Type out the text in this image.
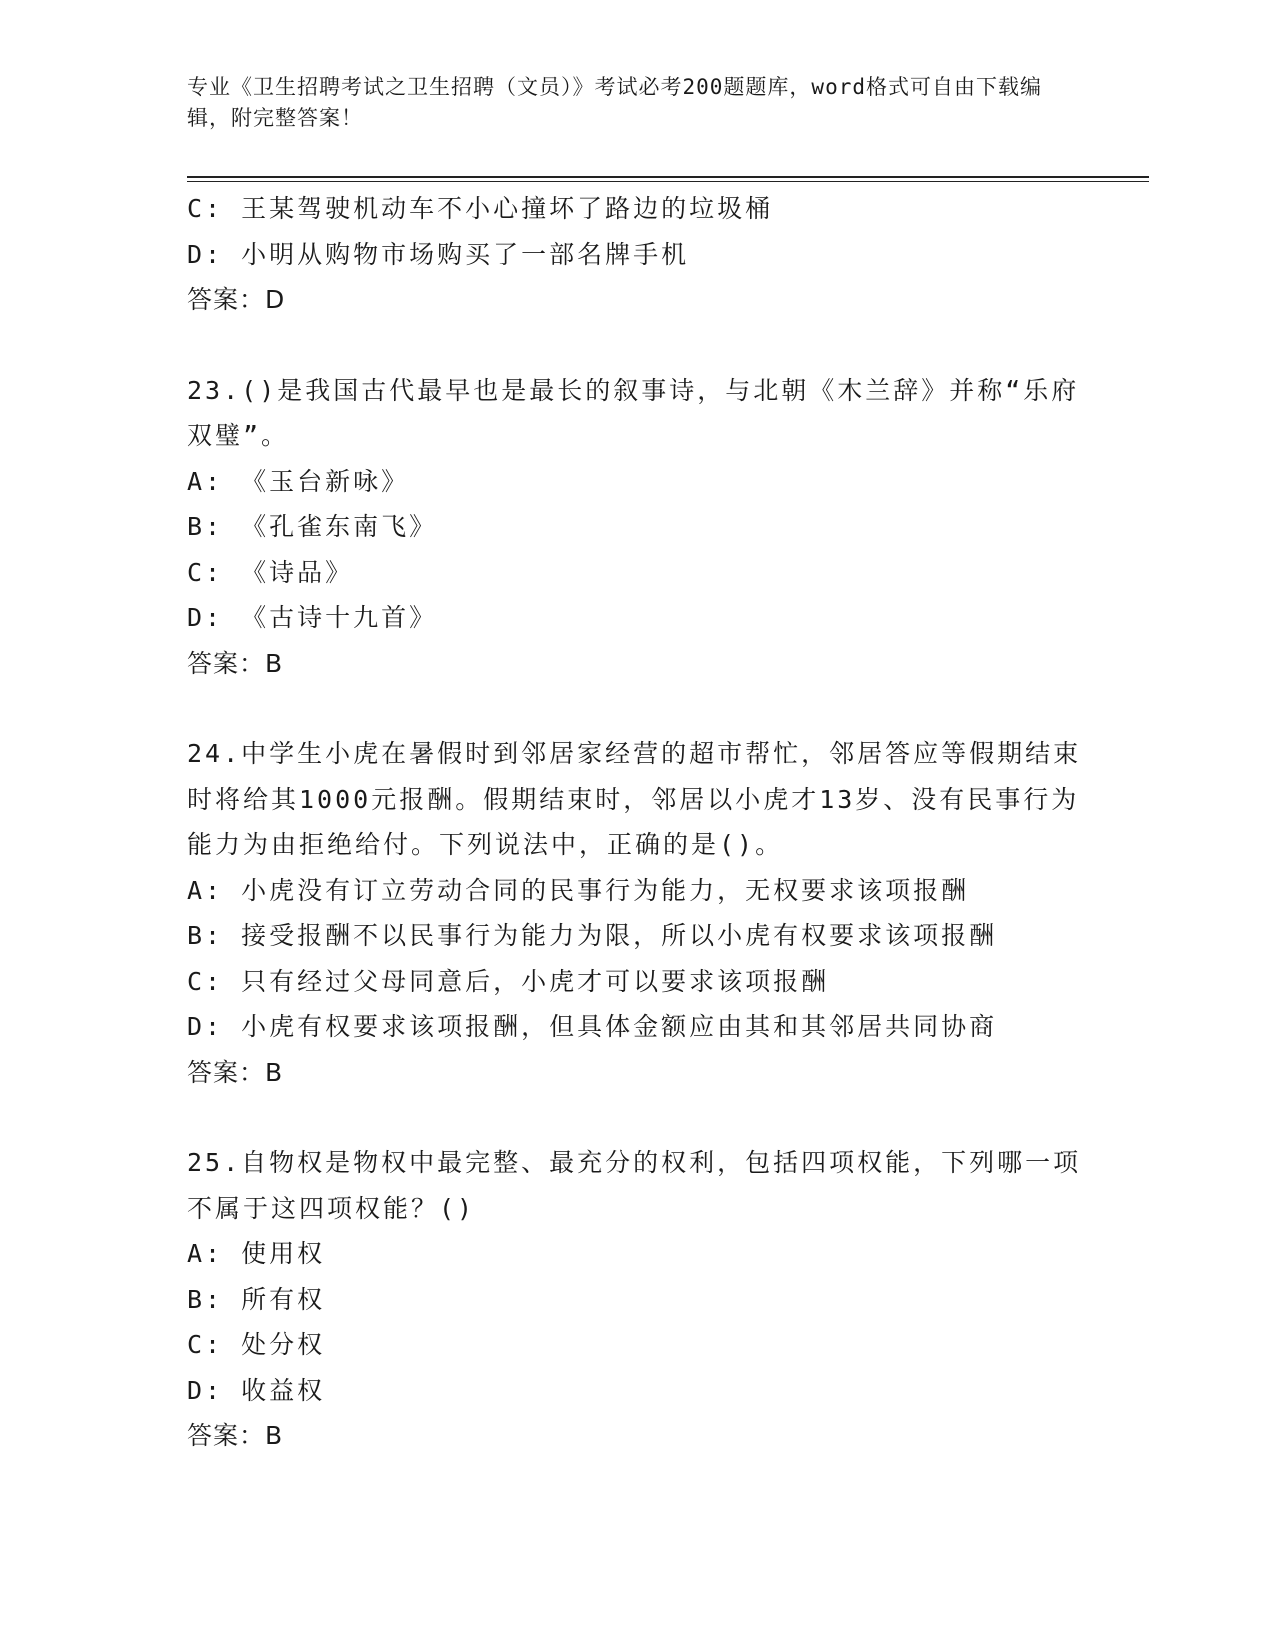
专业《卫生招聘考试之卫生招聘（文员）》考试必考200题题库，word格式可自由下载编辑，附完整答案！
C: 王某驾驶机动车不小心撞坏了路边的垃圾桶
D: 小明从购物市场购买了一部名牌手机
答案：D
23.()是我国古代最早也是最长的叙事诗，与北朝《木兰辞》并称“乐府双璧”。
A: 《玉台新咏》
B: 《孔雀东南飞》
C: 《诗品》
D: 《古诗十九首》
答案：B
24.中学生小虎在暑假时到邻居家经营的超市帮忙，邻居答应等假期结束时将给其1000元报酬。假期结束时，邻居以小虎才13岁、没有民事行为能力为由拒绝给付。下列说法中，正确的是()。
A: 小虎没有订立劳动合同的民事行为能力，无权要求该项报酬
B: 接受报酬不以民事行为能力为限，所以小虎有权要求该项报酬
C: 只有经过父母同意后，小虎才可以要求该项报酬
D: 小虎有权要求该项报酬，但具体金额应由其和其邻居共同协商
答案：B
25.自物权是物权中最完整、最充分的权利，包括四项权能，下列哪一项不属于这四项权能？()
A: 使用权
B: 所有权
C: 处分权
D: 收益权
答案：B
